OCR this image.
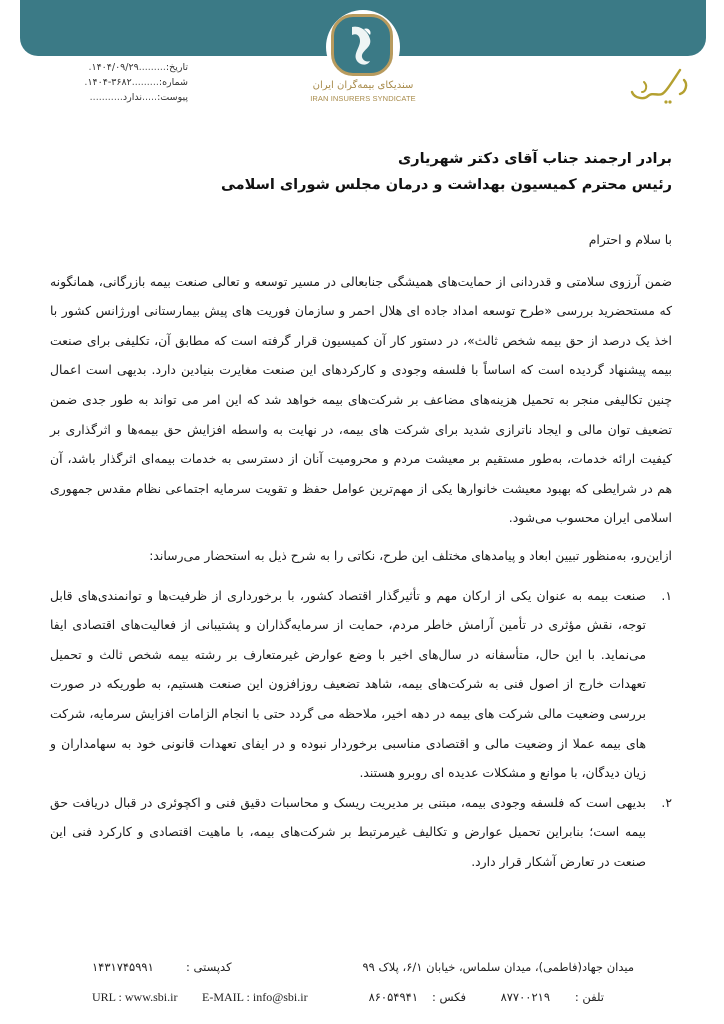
سندیکای بیمه‌گران ایران
IRAN INSURERS SYNDICATE
تاریخ:.........۱۴۰۴/۰۹/۲۹.
شماره:.........۱۴۰۴-۳۶۸۲.
پیوست:.....ندارد...........
برادر ارجمند جناب آقای دکتر شهریاری
رئیس محترم کمیسیون بهداشت و درمان مجلس شورای اسلامی

با سلام و احترام

ضمن آرزوی سلامتی و قدردانی از حمایت‌های همیشگی جنابعالی در مسیر توسعه و تعالی صنعت بیمه بازرگانی، همانگونه که مستحضرید بررسی «طرح توسعه امداد جاده ای هلال احمر و سازمان فوریت های پیش بیمارستانی اورژانس کشور با اخذ یک درصد از حق بیمه شخص ثالث»، در دستور کار آن کمیسیون قرار گرفته است که مطابق آن، تکلیفی برای صنعت بیمه پیشنهاد گردیده است که اساساً با فلسفه وجودی و کارکردهای این صنعت مغایرت بنیادین دارد. بدیهی است اعمال چنین تکالیفی منجر به تحمیل هزینه‌های مضاعف بر شرکت‌های بیمه خواهد شد که این امر می تواند به طور جدی ضمن تضعیف توان مالی و ایجاد ناترازی شدید برای شرکت های بیمه، در نهایت به واسطه افزایش حق بیمه‌ها و اثرگذاری بر کیفیت ارائه خدمات، به‌طور مستقیم بر معیشت مردم و محرومیت آنان از دسترسی به خدمات بیمه‌ای اثرگذار باشد، آن هم در شرایطی که بهبود معیشت خانوارها یکی از مهم‌ترین عوامل حفظ و تقویت سرمایه اجتماعی نظام مقدس جمهوری اسلامی ایران محسوب می‌شود.

ازاین‌رو، به‌منظور تبیین ابعاد و پیامدهای مختلف این طرح، نکاتی را به شرح ذیل به استحضار می‌رساند:

۱.
صنعت بیمه به عنوان یکی از ارکان مهم و تأثیرگذار اقتصاد کشور، با برخورداری از ظرفیت‌ها و توانمندی‌های قابل توجه، نقش مؤثری در تأمین آرامش خاطر مردم، حمایت از سرمایه‌گذاران و پشتیبانی از فعالیت‌های اقتصادی ایفا می‌نماید. با این حال، متأسفانه در سال‌های اخیر با وضع عوارض غیرمتعارف بر رشته بیمه شخص ثالث و تحمیل تعهدات خارج از اصول فنی به شرکت‌های بیمه، شاهد تضعیف روزافزون این صنعت هستیم، به طوریکه در صورت بررسی وضعیت مالی شرکت های بیمه در دهه اخیر، ملاحظه می گردد حتی با انجام الزامات افزایش سرمایه، شرکت های بیمه عملا از وضعیت مالی و اقتصادی مناسبی برخوردار نبوده و در ایفای تعهدات قانونی خود به سهامداران و زیان دیدگان، با موانع و مشکلات عدیده ای روبرو هستند.
۲.
بدیهی است که فلسفه وجودی بیمه، مبتنی بر مدیریت ریسک و محاسبات دقیق فنی و اکچوئری در قبال دریافت حق بیمه است؛ بنابراین تحمیل عوارض و تکالیف غیرمرتبط بر شرکت‌های بیمه، با ماهیت اقتصادی و کارکرد فنی این صنعت در تعارض آشکار قرار دارد.
میدان جهاد(فاطمی)، میدان سلماس، خیابان ۶/۱، پلاک ۹۹
کدپستی :
۱۴۳۱۷۴۵۹۹۱
تلفن :
۸۷۷۰۰۲۱۹
فکس :
۸۶۰۵۴۹۴۱
E-MAIL : info@sbi.ir
URL : www.sbi.ir
